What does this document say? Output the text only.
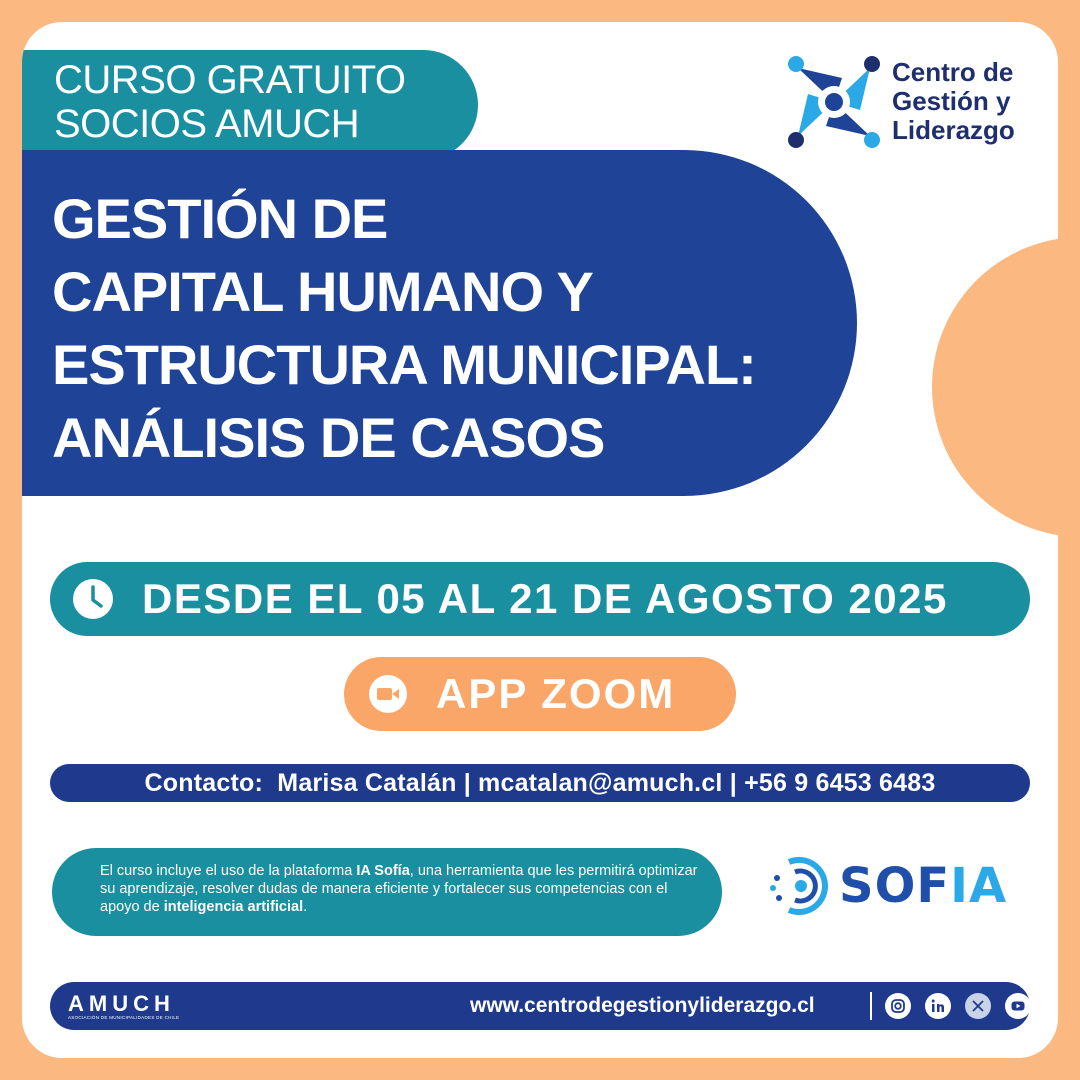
CURSO GRATUITO
SOCIOS AMUCH
GESTIÓN DE
CAPITAL HUMANO Y
ESTRUCTURA MUNICIPAL:
ANÁLISIS DE CASOS
Centro de
Gestión y
Liderazgo
DESDE EL 05 AL 21 DE AGOSTO 2025
APP ZOOM
Contacto:  Marisa Catalán | mcatalan@amuch.cl | +56 9 6453 6483
El curso incluye el uso de la plataforma IA Sofía, una herramienta que les permitirá optimizar su aprendizaje, resolver dudas de manera eficiente y fortalecer sus competencias con el apoyo de inteligencia artificial.	SOFIA
AMUCH
ASOCIACIÓN DE MUNICIPALIDADES DE CHILE
www.centrodegestionyliderazgo.cl
